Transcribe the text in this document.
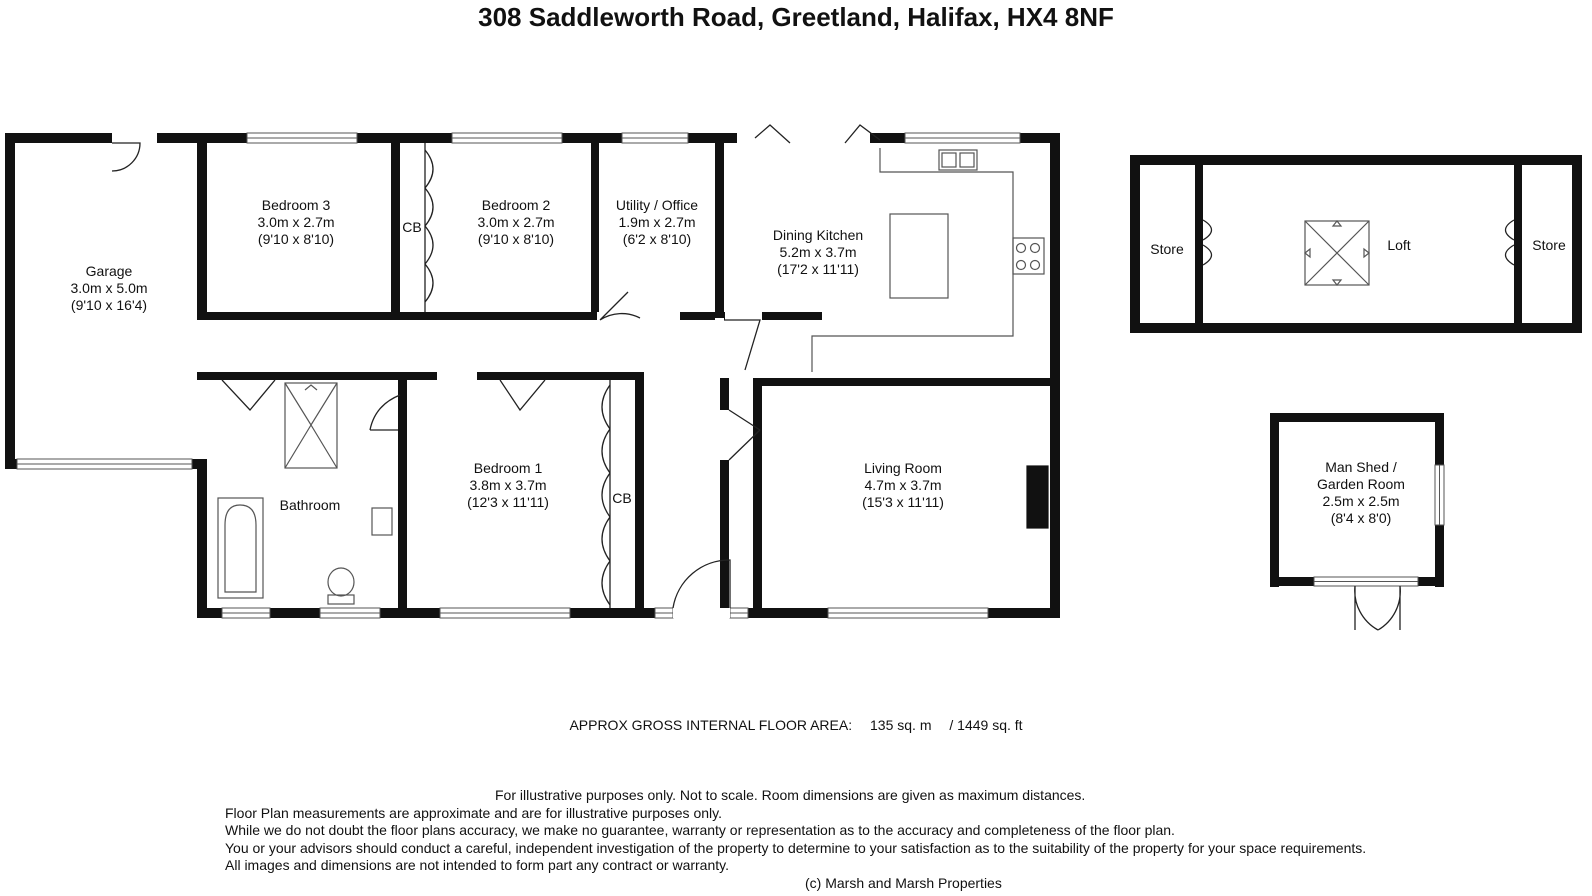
308 Saddleworth Road, Greetland, Halifax, HX4 8NF
Garage
3.0m x 5.0m
(9'10 x 16'4)
Bedroom 3
3.0m x 2.7m
(9'10 x 8'10)
Bedroom 2
3.0m x 2.7m
(9'10 x 8'10)
Utility / Office
1.9m x 2.7m
(6'2 x 8'10)	Dining Kitchen
5.2m x 3.7m
(17'2 x 11'11)
Bedroom 1
3.8m x 3.7m
(12'3 x 11'11)
Living Room
4.7m x 3.7m
(15'3 x 11'11)
Man Shed /
Garden Room
2.5m x 2.5m
(8'4 x 8'0)
Bathroom
CB
CB
Store	Loft	Store
APPROX GROSS INTERNAL FLOOR AREA: 135 sq. m / 1449 sq. ft
For illustrative purposes only. Not to scale. Room dimensions are given as maximum distances.
Floor Plan measurements are approximate and are for illustrative purposes only.
While we do not doubt the floor plans accuracy, we make no guarantee, warranty or representation as to the accuracy and completeness of the floor plan.
You or your advisors should conduct a careful, independent investigation of the property to determine to your satisfaction as to the suitability of the property for your space requirements.
All images and dimensions are not intended to form part any contract or warranty.
(c) Marsh and Marsh Properties
